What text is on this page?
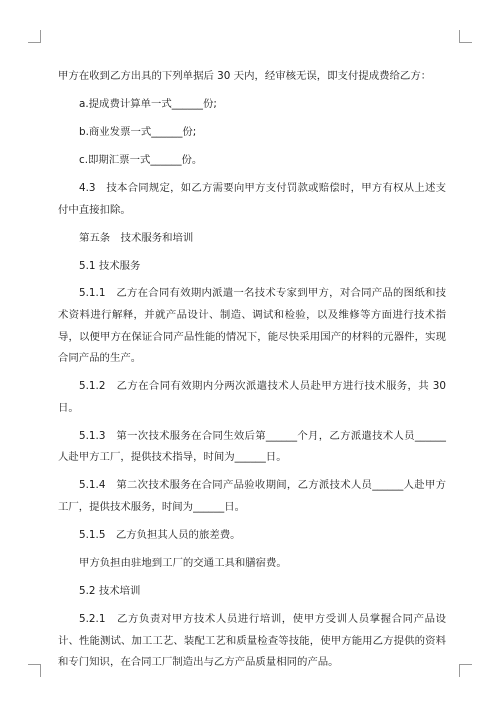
甲方在收到乙方出具的下列单据后 30 天内，经审核无误，即支付提成费给乙方：

a.提成费计算单一式______份;

b.商业发票一式______份;

c.即期汇票一式______份。

4.3　技本合同规定，如乙方需要向甲方支付罚款或赔偿时，甲方有权从上述支付中直接扣除。

第五条　技术服务和培训

5.1 技术服务

5.1.1　乙方在合同有效期内派遣一名技术专家到甲方，对合同产品的图纸和技术资料进行解释，并就产品设计、制造、调试和检验，以及维修等方面进行技术指导，以便甲方在保证合同产品性能的情况下，能尽快采用国产的材料的元器件，实现合同产品的生产。

5.1.2　乙方在合同有效期内分两次派遣技术人员赴甲方进行技术服务，共 30 日。

5.1.3　第一次技术服务在合同生效后第______个月，乙方派遣技术人员______人赴甲方工厂，提供技术指导，时间为______日。

5.1.4　第二次技术服务在合同产品验收期间，乙方派技术人员______人赴甲方工厂，提供技术服务，时间为______日。

5.1.5　乙方负担其人员的旅差费。

甲方负担由驻地到工厂的交通工具和膳宿费。

5.2 技术培训

5.2.1　乙方负责对甲方技术人员进行培训，使甲方受训人员掌握合同产品设计、性能测试、加工工艺、装配工艺和质量检查等技能，使甲方能用乙方提供的资料和专门知识，在合同工厂制造出与乙方产品质量相同的产品。
